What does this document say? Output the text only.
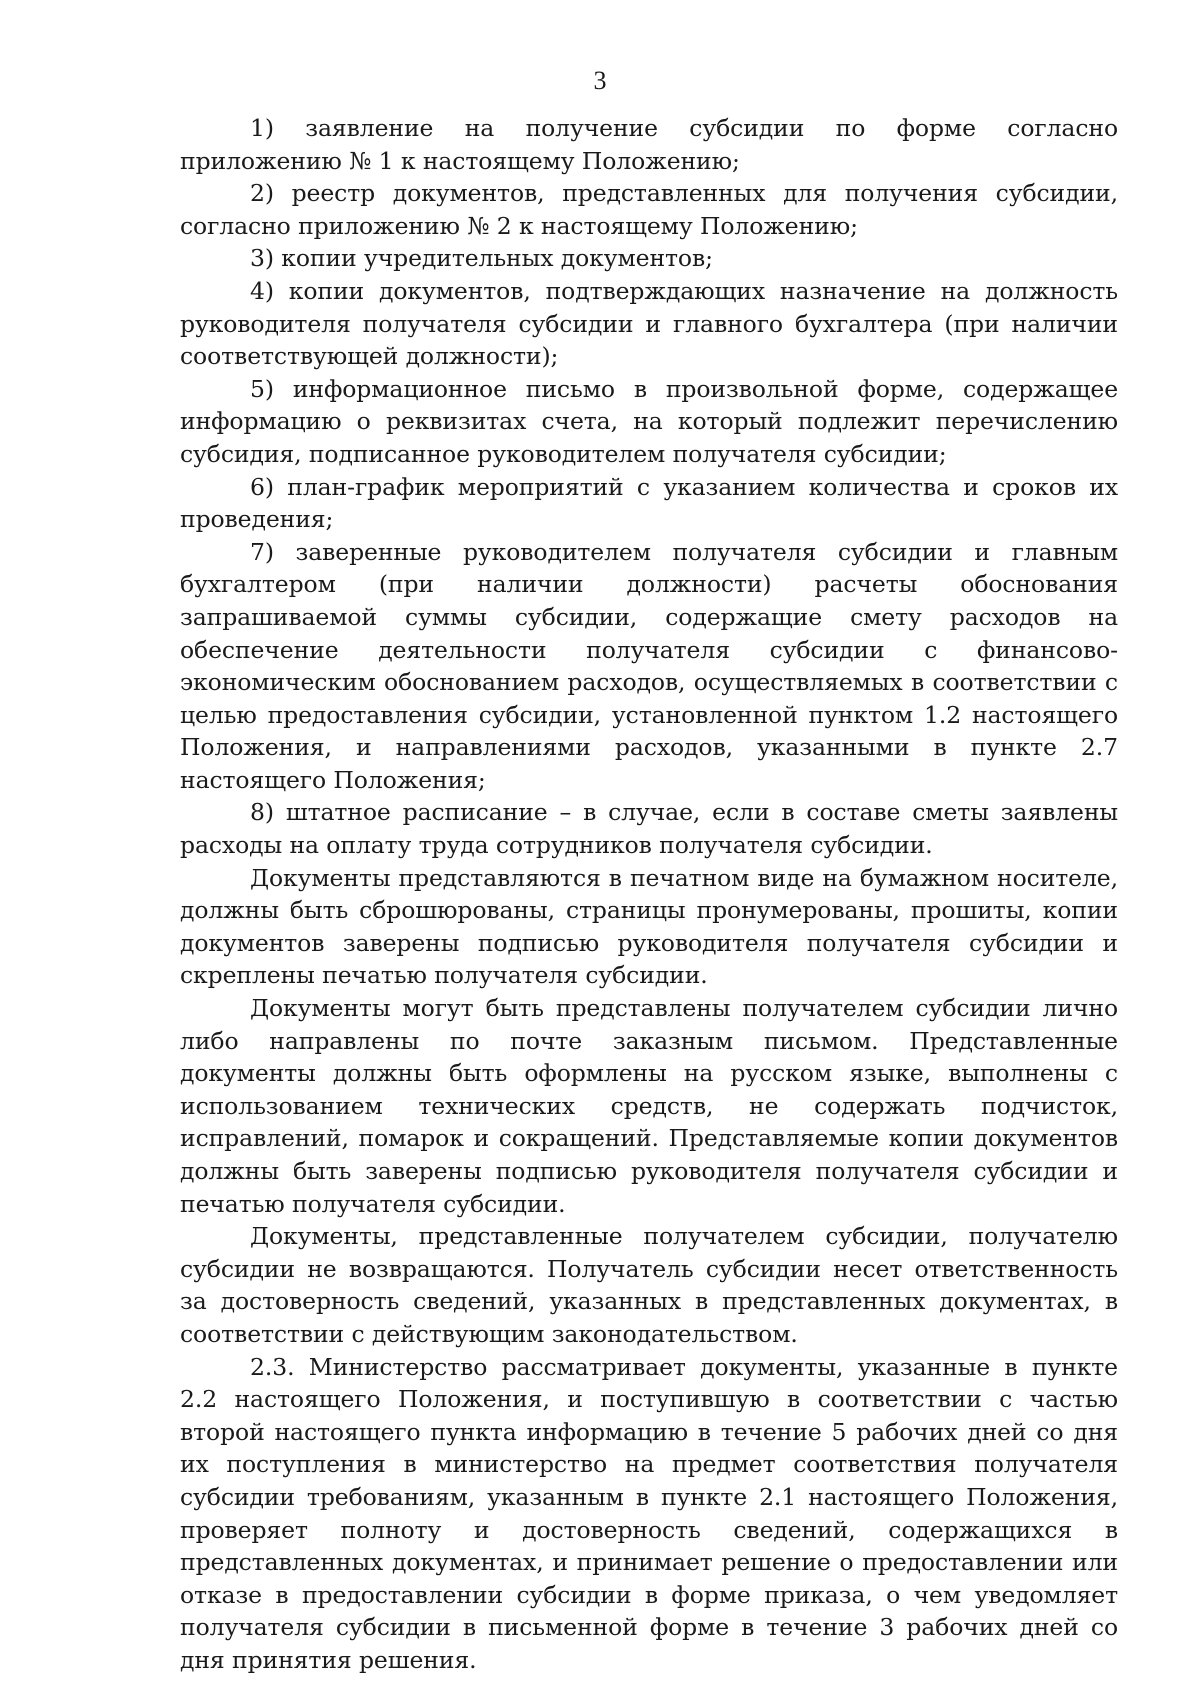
3

1) заявление на получение субсидии по форме согласно приложению № 1 к настоящему Положению;

2) реестр документов, представленных для получения субсидии, согласно приложению № 2 к настоящему Положению;

3) копии учредительных документов;

4) копии документов, подтверждающих назначение на должность руководителя получателя субсидии и главного бухгалтера (при наличии соответствующей должности);

5) информационное письмо в произвольной форме, содержащее информацию о реквизитах счета, на который подлежит перечислению субсидия, подписанное руководителем получателя субсидии;

6) план-график мероприятий с указанием количества и сроков их проведения;

7) заверенные руководителем получателя субсидии и главным бухгалтером (при наличии должности) расчеты обоснования запрашиваемой суммы субсидии, содержащие смету расходов на обеспечение деятельности получателя субсидии с финансово-экономическим обоснованием расходов, осуществляемых в соответствии с целью предоставления субсидии, установленной пунктом 1.2 настоящего Положения, и направлениями расходов, указанными в пункте 2.7 настоящего Положения;

8) штатное расписание – в случае, если в составе сметы заявлены расходы на оплату труда сотрудников получателя субсидии.

Документы представляются в печатном виде на бумажном носителе, должны быть сброшюрованы, страницы пронумерованы, прошиты, копии документов заверены подписью руководителя получателя субсидии и скреплены печатью получателя субсидии.

Документы могут быть представлены получателем субсидии лично либо направлены по почте заказным письмом. Представленные документы должны быть оформлены на русском языке, выполнены с использованием технических средств, не содержать подчисток, исправлений, помарок и сокращений. Представляемые копии документов должны быть заверены подписью руководителя получателя субсидии и печатью получателя субсидии.

Документы, представленные получателем субсидии, получателю субсидии не возвращаются. Получатель субсидии несет ответственность за достоверность сведений, указанных в представленных документах, в соответствии с действующим законодательством.

2.3. Министерство рассматривает документы, указанные в пункте 2.2 настоящего Положения, и поступившую в соответствии с частью второй настоящего пункта информацию в течение 5 рабочих дней со дня их поступления в министерство на предмет соответствия получателя субсидии требованиям, указанным в пункте 2.1 настоящего Положения, проверяет полноту и достоверность сведений, содержащихся в представленных документах, и принимает решение о предоставлении или отказе в предоставлении субсидии в форме приказа, о чем уведомляет получателя субсидии в письменной форме в течение 3 рабочих дней со дня принятия решения.
